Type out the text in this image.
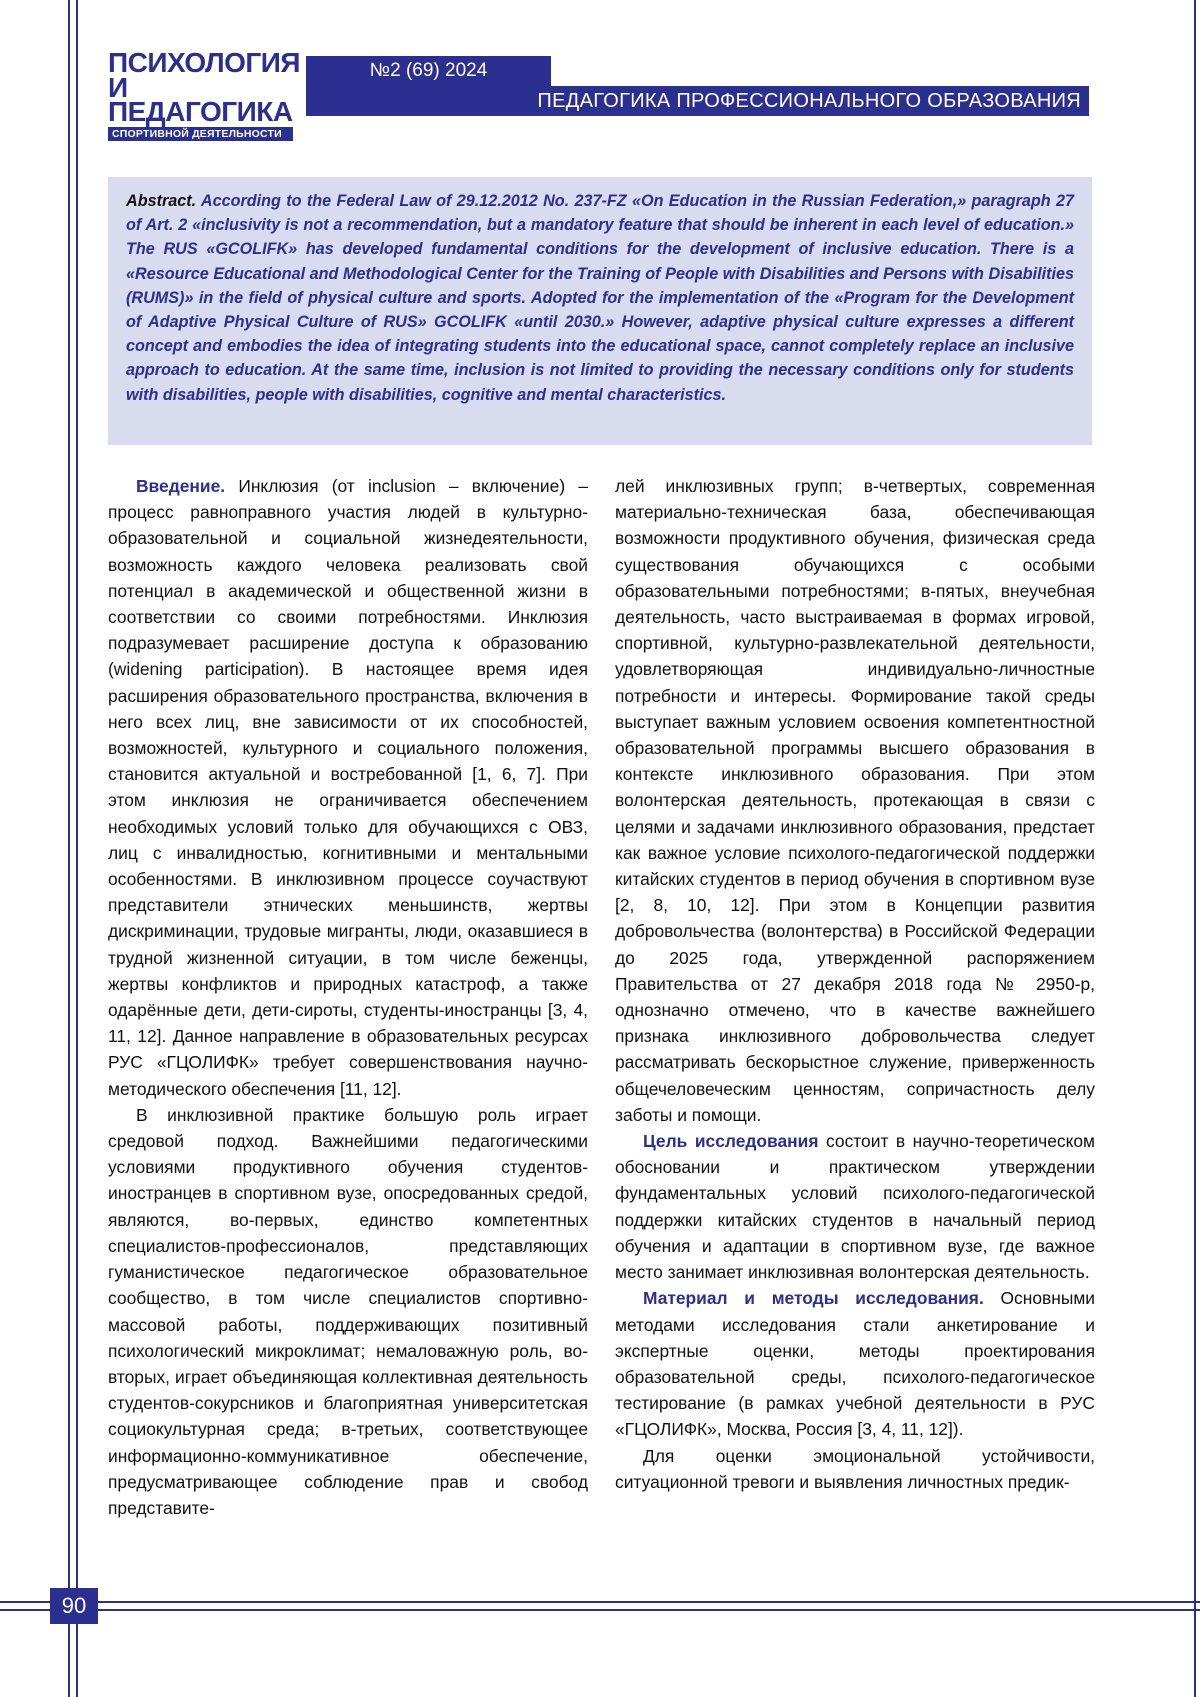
ПСИХОЛОГИЯ
И ПЕДАГОГИКА
СПОРТИВНОЙ ДЕЯТЕЛЬНОСТИ
№2 (69) 2024
ПЕДАГОГИКА ПРОФЕССИОНАЛЬНОГО ОБРАЗОВАНИЯ
Abstract. According to the Federal Law of 29.12.2012 No. 237-FZ «On Education in the Russian Federation,» paragraph 27 of Art. 2 «inclusivity is not a recommendation, but a mandatory feature that should be inherent in each level of education.» The RUS «GCOLIFK» has developed fundamental conditions for the development of inclusive education. There is a «Resource Educational and Methodological Center for the Training of People with Disabilities and Persons with Disabilities (RUMS)» in the field of physical culture and sports. Adopted for the implementation of the «Program for the Development of Adaptive Physical Culture of RUS» GCOLIFK «until 2030.» However, adaptive physical culture expresses a different concept and embodies the idea of integrating students into the educational space, cannot completely replace an inclusive approach to education. At the same time, inclusion is not limited to providing the necessary conditions only for students with disabilities, people with disabilities, cognitive and mental characteristics.

Введение. Инклюзия (от inclusion – включение) – процесс равноправного участия людей в культурно-образовательной и социальной жизнедеятельности, возможность каждого человека реализовать свой потенциал в академической и общественной жизни в соответствии со своими потребностями. Инклюзия подразумевает расширение доступа к образованию (widening participation). В настоящее время идея расширения образовательного пространства, включения в него всех лиц, вне зависимости от их способностей, возможностей, культурного и социального положения, становится актуальной и востребованной [1, 6, 7]. При этом инклюзия не ограничивается обеспечением необходимых условий только для обучающихся с ОВЗ, лиц с инвалидностью, когнитивными и ментальными особенностями. В инклюзивном процессе соучаствуют представители этнических меньшинств, жертвы дискриминации, трудовые мигранты, люди, оказавшиеся в трудной жизненной ситуации, в том числе беженцы, жертвы конфликтов и природных катастроф, а также одарённые дети, дети-сироты, студенты-иностранцы [3, 4, 11, 12]. Данное направление в образовательных ресурсах РУС «ГЦОЛИФК» требует совершенствования научно-методического обеспечения [11, 12].

В инклюзивной практике большую роль играет средовой подход. Важнейшими педагогическими условиями продуктивного обучения студентов-иностранцев в спортивном вузе, опосредованных средой, являются, во-первых, единство компетентных специалистов-профессионалов, представляющих гуманистическое педагогическое образовательное сообщество, в том числе специалистов спортивно-массовой работы, поддерживающих позитивный психологический микроклимат; немаловажную роль, во-вторых, играет объединяющая коллективная деятельность студентов-сокурсников и благоприятная университетская социокультурная среда; в-третьих, соответствующее информационно-коммуникативное обеспечение, предусматривающее соблюдение прав и свобод представите-

лей инклюзивных групп; в-четвертых, современная материально-техническая база, обеспечивающая возможности продуктивного обучения, физическая среда существования обучающихся с особыми образовательными потребностями; в-пятых, внеучебная деятельность, часто выстраиваемая в формах игровой, спортивной, культурно-развлекательной деятельности, удовлетворяющая индивидуально-личностные потребности и интересы. Формирование такой среды выступает важным условием освоения компетентностной образовательной программы высшего образования в контексте инклюзивного образования. При этом волонтерская деятельность, протекающая в связи с целями и задачами инклюзивного образования, предстает как важное условие психолого-педагогической поддержки китайских студентов в период обучения в спортивном вузе [2, 8, 10, 12]. При этом в Концепции развития добровольчества (волонтерства) в Российской Федерации до 2025 года, утвержденной распоряжением Правительства от 27 декабря 2018 года № 2950-р, однозначно отмечено, что в качестве важнейшего признака инклюзивного добровольчества следует рассматривать бескорыстное служение, приверженность общечеловеческим ценностям, сопричастность делу заботы и помощи.

Цель исследования состоит в научно-теоретическом обосновании и практическом утверждении фундаментальных условий психолого-педагогической поддержки китайских студентов в начальный период обучения и адаптации в спортивном вузе, где важное место занимает инклюзивная волонтерская деятельность.

Материал и методы исследования. Основными методами исследования стали анкетирование и экспертные оценки, методы проектирования образовательной среды, психолого-педагогическое тестирование (в рамках учебной деятельности в РУС «ГЦОЛИФК», Москва, Россия [3, 4, 11, 12]).

Для оценки эмоциональной устойчивости, ситуационной тревоги и выявления личностных предик-

90
